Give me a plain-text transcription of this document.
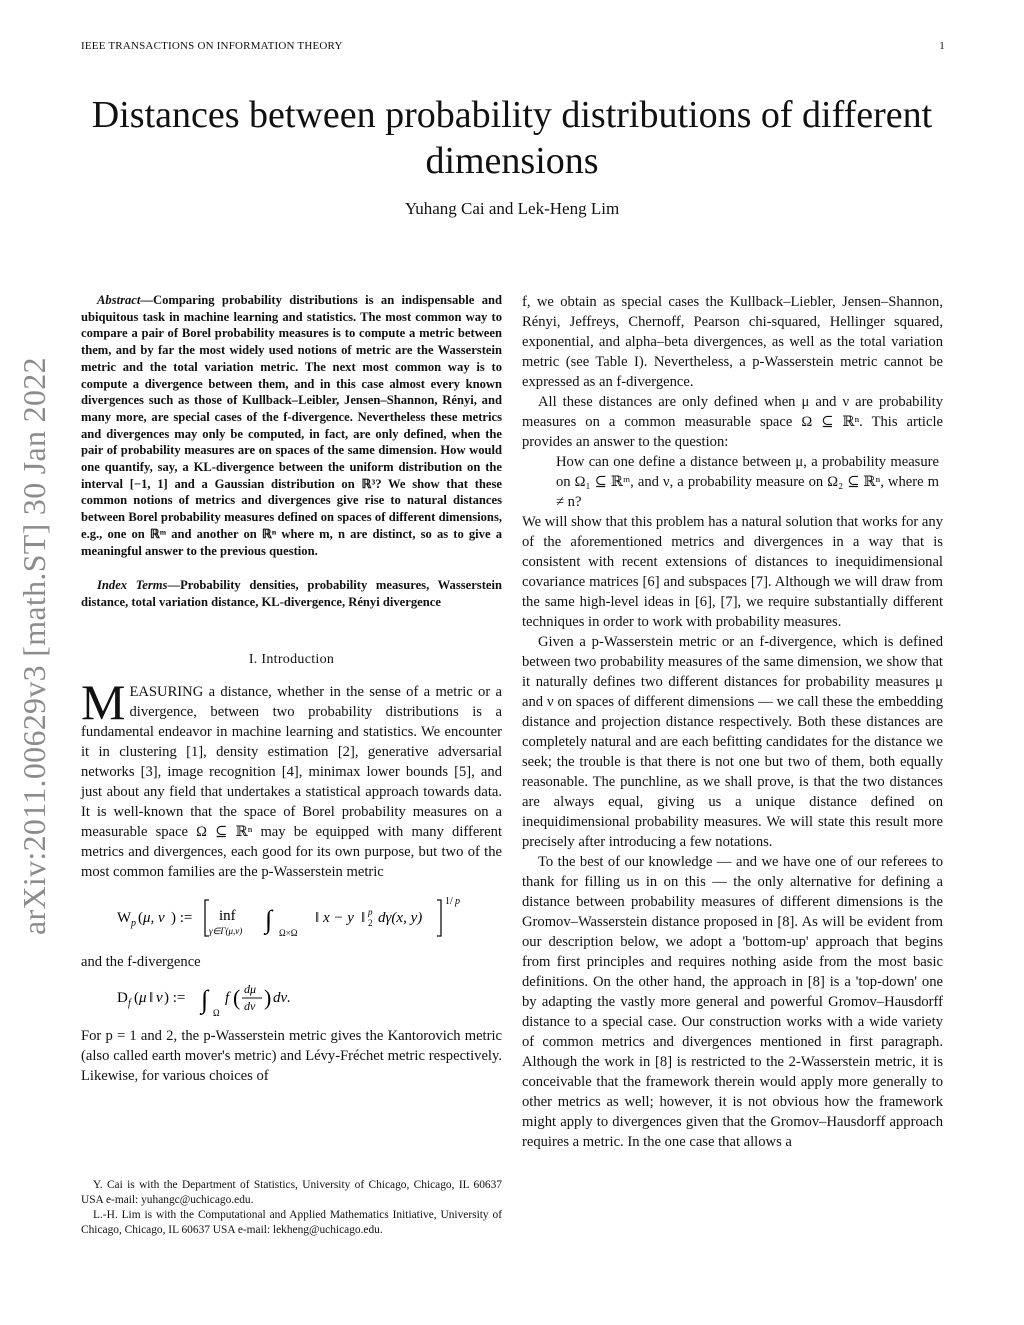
IEEE TRANSACTIONS ON INFORMATION THEORY	1
Distances between probability distributions of different dimensions
Yuhang Cai and Lek-Heng Lim
arXiv:2011.00629v3 [math.ST] 30 Jan 2022

Abstract—Comparing probability distributions is an indispensable and ubiquitous task in machine learning and statistics. The most common way to compare a pair of Borel probability measures is to compute a metric between them, and by far the most widely used notions of metric are the Wasserstein metric and the total variation metric. The next most common way is to compute a divergence between them, and in this case almost every known divergences such as those of Kullback–Leibler, Jensen–Shannon, Rényi, and many more, are special cases of the f-divergence. Nevertheless these metrics and divergences may only be computed, in fact, are only defined, when the pair of probability measures are on spaces of the same dimension. How would one quantify, say, a KL-divergence between the uniform distribution on the interval [−1, 1] and a Gaussian distribution on ℝ³? We show that these common notions of metrics and divergences give rise to natural distances between Borel probability measures defined on spaces of different dimensions, e.g., one on ℝᵐ and another on ℝⁿ where m, n are distinct, so as to give a meaningful answer to the previous question.

Index Terms—Probability densities, probability measures, Wasserstein distance, total variation distance, KL-divergence, Rényi divergence

I. Introduction

MEASURING a distance, whether in the sense of a metric or a divergence, between two probability distributions is a fundamental endeavor in machine learning and statistics. We encounter it in clustering [1], density estimation [2], generative adversarial networks [3], image recognition [4], minimax lower bounds [5], and just about any field that undertakes a statistical approach towards data. It is well-known that the space of Borel probability measures on a measurable space Ω ⊆ ℝⁿ may be equipped with many different metrics and divergences, each good for its own purpose, but two of the most common families are the p-Wasserstein metric

W p ( μ, ν ) := inf
γ∈Γ(μ,ν) ∫ Ω×Ω
‖ x − y ‖ p
2 dγ(x, y)
1/ p

and the f-divergence

D f ( μ ‖ ν ) := ∫ Ω
f ( dμ
dν ) dν.

For p = 1 and 2, the p-Wasserstein metric gives the Kantorovich metric (also called earth mover's metric) and Lévy-Fréchet metric respectively. Likewise, for various choices of

Y. Cai is with the Department of Statistics, University of Chicago, Chicago, IL 60637 USA e-mail: yuhangc@uchicago.edu.

L.-H. Lim is with the Computational and Applied Mathematics Initiative, University of Chicago, Chicago, IL 60637 USA e-mail: lekheng@uchicago.edu.

f, we obtain as special cases the Kullback–Liebler, Jensen–Shannon, Rényi, Jeffreys, Chernoff, Pearson chi-squared, Hellinger squared, exponential, and alpha–beta divergences, as well as the total variation metric (see Table I). Nevertheless, a p-Wasserstein metric cannot be expressed as an f-divergence.

All these distances are only defined when μ and ν are probability measures on a common measurable space Ω ⊆ ℝⁿ. This article provides an answer to the question:

How can one define a distance between μ, a probability measure on Ω₁ ⊆ ℝᵐ, and ν, a probability measure on Ω₂ ⊆ ℝⁿ, where m ≠ n?

We will show that this problem has a natural solution that works for any of the aforementioned metrics and divergences in a way that is consistent with recent extensions of distances to inequidimensional covariance matrices [6] and subspaces [7]. Although we will draw from the same high-level ideas in [6], [7], we require substantially different techniques in order to work with probability measures.

Given a p-Wasserstein metric or an f-divergence, which is defined between two probability measures of the same dimension, we show that it naturally defines two different distances for probability measures μ and ν on spaces of different dimensions — we call these the embedding distance and projection distance respectively. Both these distances are completely natural and are each befitting candidates for the distance we seek; the trouble is that there is not one but two of them, both equally reasonable. The punchline, as we shall prove, is that the two distances are always equal, giving us a unique distance defined on inequidimensional probability measures. We will state this result more precisely after introducing a few notations.

To the best of our knowledge — and we have one of our referees to thank for filling us in on this — the only alternative for defining a distance between probability measures of different dimensions is the Gromov–Wasserstein distance proposed in [8]. As will be evident from our description below, we adopt a 'bottom-up' approach that begins from first principles and requires nothing aside from the most basic definitions. On the other hand, the approach in [8] is a 'top-down' one by adapting the vastly more general and powerful Gromov–Hausdorff distance to a special case. Our construction works with a wide variety of common metrics and divergences mentioned in first paragraph. Although the work in [8] is restricted to the 2-Wasserstein metric, it is conceivable that the framework therein would apply more generally to other metrics as well; however, it is not obvious how the framework might apply to divergences given that the Gromov–Hausdorff approach requires a metric. In the one case that allows a
